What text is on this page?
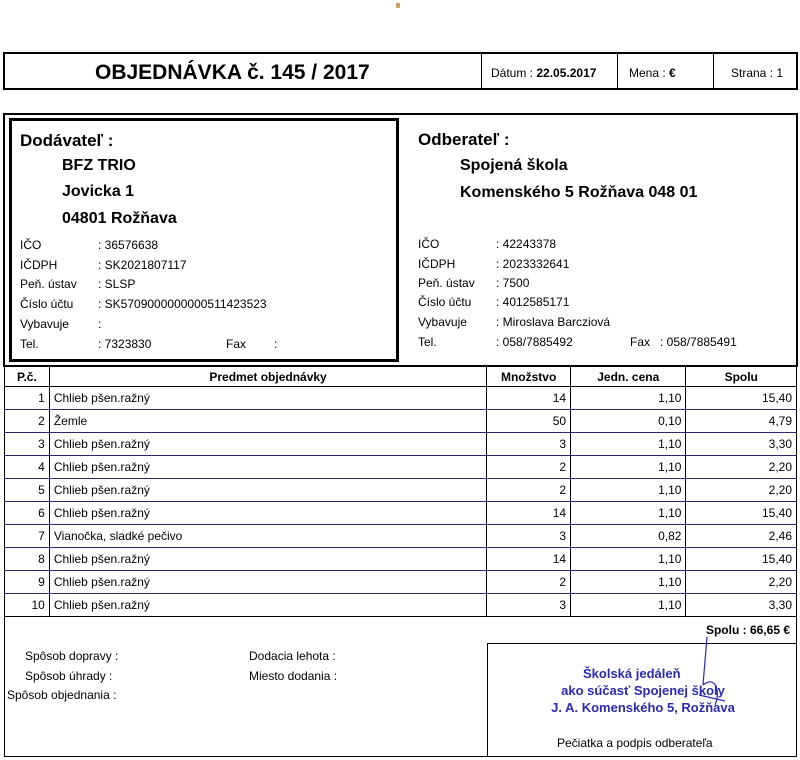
OBJEDNÁVKA č. 145 / 2017	Dátum : 22.05.2017	Mena : €	Strana : 1
Dodávateľ :
BFZ TRIO
Jovicka 1
04801 Rožňava
IČO	: 36576638
IČDPH	: SK2021807117
Peň. ústav : SLSP
Číslo účtu : SK5709000000000511423523
Vybavuje :
Tel.	: 7323830	Fax :
Odberateľ :
Spojená škola
Komenského 5 Rožňava 048 01
IČO	: 42243378
IČDPH	: 2023332641
Peň. ústav : 7500
Číslo účtu : 4012585171
Vybavuje : Miroslava Barcziová
Tel.	: 058/7885492	Fax : 058/7885491
P.č.	Predmet objednávky	Množstvo	Jedn. cena	Spolu
1	Chlieb pšen.ražný	14	1,10	15,40
2	Žemle	50	0,10	4,79
3	Chlieb pšen.ražný	3	1,10	3,30
4	Chlieb pšen.ražný	2	1,10	2,20
5	Chlieb pšen.ražný	2	1,10	2,20
6	Chlieb pšen.ražný	14	1,10	15,40
7	Vianočka, sladké pečivo	3	0,82	2,46
8	Chlieb pšen.ražný	14	1,10	15,40
9	Chlieb pšen.ražný	2	1,10	2,20
10	Chlieb pšen.ražný	3	1,10	3,30
Spolu : 66,65 €
Spôsob dopravy :
Spôsob úhrady :
Spôsob objednania :
Dodacia lehota :
Miesto dodania :	Školská jedáleň
ako súčasť Spojenej školy
J. A. Komenského 5, Rožňava
Pečiatka a podpis odberateľa
